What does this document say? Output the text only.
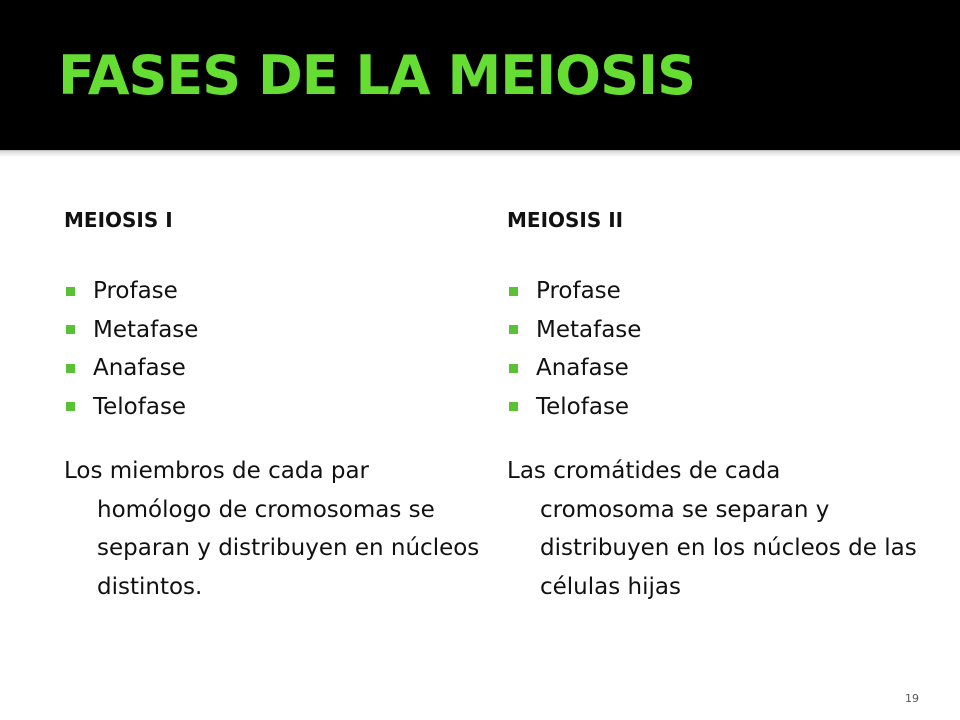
FASES DE LA MEIOSIS
MEIOSIS I
Profase
Metafase
Anafase
Telofase

Los miembros de cada par homólogo de cromosomas se separan y distribuyen en núcleos distintos.

MEIOSIS II
Profase
Metafase
Anafase
Telofase

Las cromátides de cada cromosoma se separan y distribuyen en los núcleos de las células hijas

19
